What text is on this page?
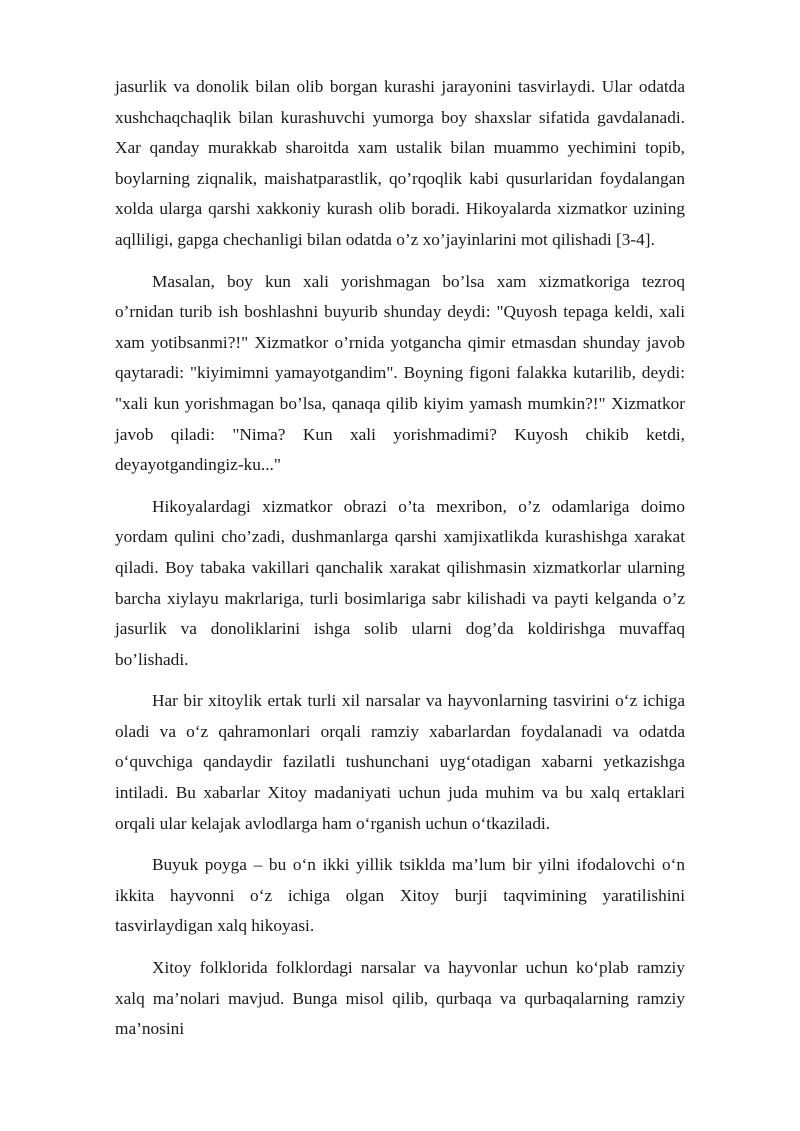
jasurlik va donolik bilan olib borgan kurashi jarayonini tasvirlaydi. Ular odatda xushchaqchaqlik bilan kurashuvchi yumorga boy shaxslar sifatida gavdalanadi. Xar qanday murakkab sharoitda xam ustalik bilan muammo yechimini topib, boylarning ziqnalik, maishatparastlik, qo’rqoqlik kabi qusurlaridan foydalangan xolda ularga qarshi xakkoniy kurash olib boradi. Hikoyalarda xizmatkor uzining aqlliligi, gapga chechanligi bilan odatda o’z xo’jayinlarini mot qilishadi [3-4].

Masalan, boy kun xali yorishmagan bo’lsa xam xizmatkoriga tezroq o’rnidan turib ish boshlashni buyurib shunday deydi: "Quyosh tepaga keldi, xali xam yotibsanmi?!" Xizmatkor o’rnida yotgancha qimir etmasdan shunday javob qaytaradi: "kiyimimni yamayotgandim". Boyning figoni falakka kutarilib, deydi: "xali kun yorishmagan bo’lsa, qanaqa qilib kiyim yamash mumkin?!" Xizmatkor javob qiladi: "Nima? Kun xali yorishmadimi? Kuyosh chikib ketdi, deyayotgandingiz-ku..."

Hikoyalardagi xizmatkor obrazi o’ta mexribon, o’z odamlariga doimo yordam qulini cho’zadi, dushmanlarga qarshi xamjixatlikda kurashishga xarakat qiladi. Boy tabaka vakillari qanchalik xarakat qilishmasin xizmatkorlar ularning barcha xiylayu makrlariga, turli bosimlariga sabr kilishadi va payti kelganda o’z jasurlik va donoliklarini ishga solib ularni dog’da koldirishga muvaffaq bo’lishadi.

Har bir xitoylik ertak turli xil narsalar va hayvonlarning tasvirini o‘z ichiga oladi va o‘z qahramonlari orqali ramziy xabarlardan foydalanadi va odatda o‘quvchiga qandaydir fazilatli tushunchani uyg‘otadigan xabarni yetkazishga intiladi. Bu xabarlar Xitoy madaniyati uchun juda muhim va bu xalq ertaklari orqali ular kelajak avlodlarga ham o‘rganish uchun o‘tkaziladi.

Buyuk poyga – bu o‘n ikki yillik tsiklda ma’lum bir yilni ifodalovchi o‘n ikkita hayvonni o‘z ichiga olgan Xitoy burji taqvimining yaratilishini tasvirlaydigan xalq hikoyasi.

Xitoy folklorida folklordagi narsalar va hayvonlar uchun ko‘plab ramziy xalq ma’nolari mavjud. Bunga misol qilib, qurbaqa va qurbaqalarning ramziy ma’nosini
